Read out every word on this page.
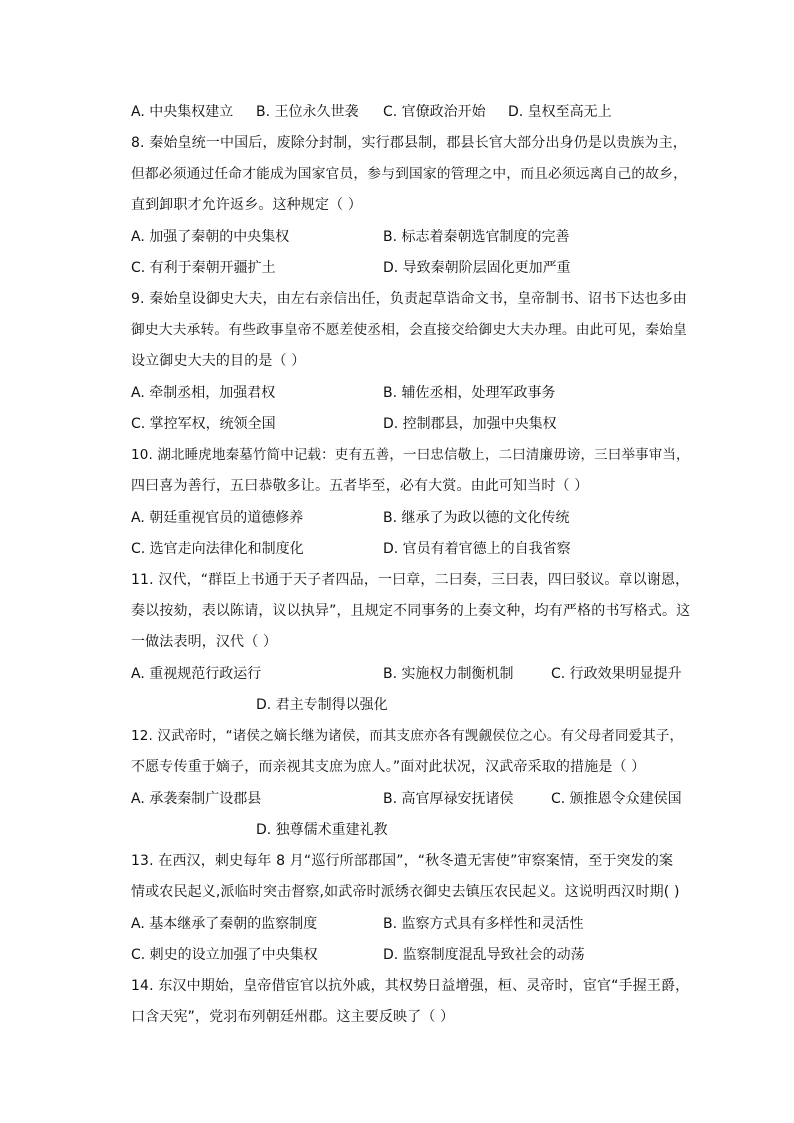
A. 中央集权建立 B. 王位永久世袭 C. 官僚政治开始 D. 皇权至高无上
8. 秦始皇统一中国后，废除分封制，实行郡县制，郡县长官大部分出身仍是以贵族为主，
但都必须通过任命才能成为国家官员，参与到国家的管理之中，而且必须远离自己的故乡，
直到卸职才允许返乡。这种规定（ ）
A. 加强了秦朝的中央集权	B. 标志着秦朝选官制度的完善
C. 有利于秦朝开疆扩土	D. 导致秦朝阶层固化更加严重
9. 秦始皇设御史大夫，由左右亲信出任，负责起草诰命文书，皇帝制书、诏书下达也多由
御史大夫承转。有些政事皇帝不愿差使丞相，会直接交给御史大夫办理。由此可见，秦始皇
设立御史大夫的目的是（ ）
A. 牵制丞相，加强君权	B. 辅佐丞相，处理军政事务
C. 掌控军权，统领全国	D. 控制郡县，加强中央集权
10. 湖北睡虎地秦墓竹简中记载：吏有五善，一曰忠信敬上，二曰清廉毋谤，三曰举事审当，
四曰喜为善行，五曰恭敬多让。五者毕至，必有大赏。由此可知当时（ ）
A. 朝廷重视官员的道德修养	B. 继承了为政以德的文化传统
C. 选官走向法律化和制度化	D. 官员有着官德上的自我省察
11. 汉代，“群臣上书通于天子者四品，一曰章，二曰奏，三曰表，四曰驳议。章以谢恩，
奏以按劾，表以陈请，议以执异”，且规定不同事务的上奏文种，均有严格的书写格式。这
一做法表明，汉代（ ）
A. 重视规范行政运行	B. 实施权力制衡机制	C. 行政效果明显提升
D. 君主专制得以强化
12. 汉武帝时，“诸侯之嫡长继为诸侯，而其支庶亦各有觊觎侯位之心。有父母者同爱其子，
不愿专传重于嫡子，而亲视其支庶为庶人。”面对此状况，汉武帝采取的措施是（ ）
A. 承袭秦制广设郡县	B. 高官厚禄安抚诸侯	C. 颁推恩令众建侯国
D. 独尊儒术重建礼教
13. 在西汉，刺史每年 8 月“巡行所部郡国”，“秋冬遣无害使”审察案情，至于突发的案
情或农民起义,派临时突击督察,如武帝时派绣衣御史去镇压农民起义。这说明西汉时期( )
A. 基本继承了秦朝的监察制度	B. 监察方式具有多样性和灵活性
C. 刺史的设立加强了中央集权	D. 监察制度混乱导致社会的动荡
14. 东汉中期始，皇帝借宦官以抗外戚，其权势日益增强，桓、灵帝时，宦官“手握王爵，
口含天宪”，党羽布列朝廷州郡。这主要反映了（ ）
